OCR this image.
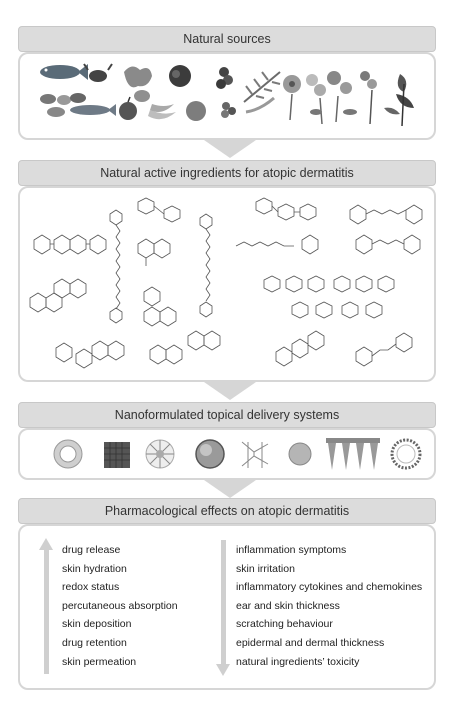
Natural sources
Natural active ingredients for atopic dermatitis
Nanoformulated topical delivery systems
Pharmacological effects on atopic dermatitis
drug release
skin hydration
redox status
percutaneous absorption
skin deposition
drug retention
skin permeation
inflammation symptoms
skin irritation
inflammatory cytokines and chemokines
ear and skin thickness
scratching behaviour
epidermal and dermal thickness
natural ingredients’ toxicity
